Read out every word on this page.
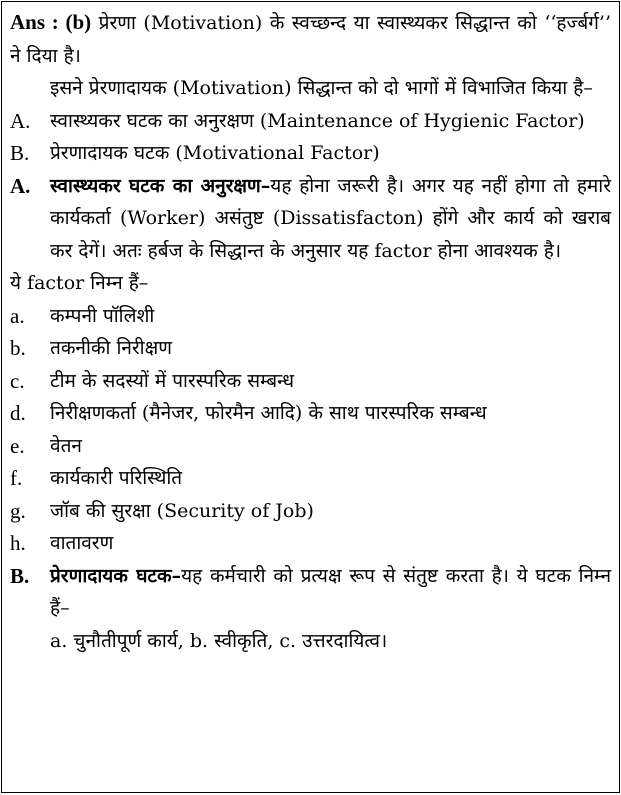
Ans : (b) प्रेरणा (Motivation) के स्वच्छन्द या स्वास्थ्यकर सिद्धान्त को ‘‘हर्ज्बर्ग’’ ने दिया है।

इसने प्रेरणादायक (Motivation) सिद्धान्त को दो भागों में विभाजित किया है–

A.	स्वास्थ्यकर घटक का अनुरक्षण (Maintenance of Hygienic Factor)
B.	प्रेरणादायक घटक (Motivational Factor)
A.	स्वास्थ्यकर घटक का अनुरक्षण–यह होना जरूरी है। अगर यह नहीं होगा तो हमारे कार्यकर्ता (Worker) असंतुष्ट (Dissatisfacton) होंगे और कार्य को खराब कर देगें। अतः हर्बज के सिद्धान्त के अनुसार यह factor होना आवश्यक है।

ये factor निम्न हैं–

a.	कम्पनी पॉलिशी
b.	तकनीकी निरीक्षण
c.	टीम के सदस्यों में पारस्परिक सम्बन्ध
d.	निरीक्षणकर्ता (मैनेजर, फोरमैन आदि) के साथ पारस्परिक सम्बन्ध
e.	वेतन
f.	कार्यकारी परिस्थिति
g.	जॉब की सुरक्षा (Security of Job)
h.	वातावरण
B.	प्रेरणादायक घटक–यह कर्मचारी को प्रत्यक्ष रूप से संतुष्ट करता है। ये घटक निम्न हैं–

a. चुनौतीपूर्ण कार्य, b. स्वीकृति, c. उत्तरदायित्व।
